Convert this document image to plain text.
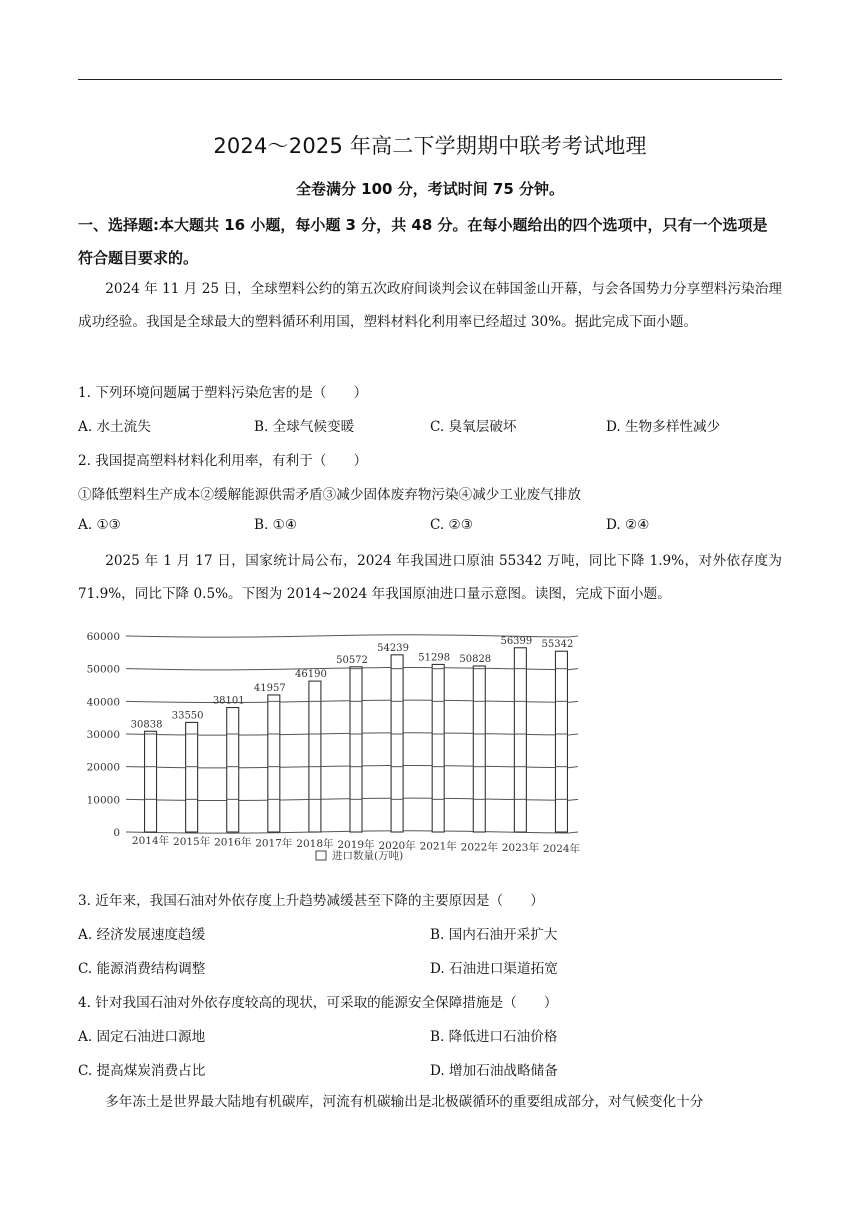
2024～2025 年高二下学期期中联考考试地理
全卷满分 100 分，考试时间 75 分钟。
一、选择题:本大题共 16 小题，每小题 3 分，共 48 分。在每小题给出的四个选项中，只有一个选项是符合题目要求的。
2024 年 11 月 25 日，全球塑料公约的第五次政府间谈判会议在韩国釜山开幕，与会各国势力分享塑料污染治理成功经验。我国是全球最大的塑料循环利用国，塑料材料化利用率已经超过 30%。据此完成下面小题。
1. 下列环境问题属于塑料污染危害的是（　　）
A. 水土流失	B. 全球气候变暖	C. 臭氧层破坏	D. 生物多样性减少
2. 我国提高塑料材料化利用率，有利于（　　）
①降低塑料生产成本②缓解能源供需矛盾③减少固体废弃物污染④减少工业废气排放
A. ①③	B. ①④	C. ②③	D. ②④
2025 年 1 月 17 日，国家统计局公布，2024 年我国进口原油 55342 万吨，同比下降 1.9%，对外依存度为 71.9%，同比下降 0.5%。下图为 2014~2024 年我国原油进口量示意图。读图，完成下面小题。
0
10000
20000
30000
40000
50000
60000
30838
33550
38101
41957
46190
50572
54239
51298 50828
56399 55342
2014年 2015年 2016年 2017年 2018年 2019年 2020年 2021年 2022年 2023年 2024年
进口数量(万吨)
3. 近年来，我国石油对外依存度上升趋势减缓甚至下降的主要原因是（　　）
A. 经济发展速度趋缓	B. 国内石油开采扩大
C. 能源消费结构调整	D. 石油进口渠道拓宽
4. 针对我国石油对外依存度较高的现状，可采取的能源安全保障措施是（　　）
A. 固定石油进口源地	B. 降低进口石油价格
C. 提高煤炭消费占比	D. 增加石油战略储备
多年冻土是世界最大陆地有机碳库，河流有机碳输出是北极碳循环的重要组成部分，对气候变化十分
